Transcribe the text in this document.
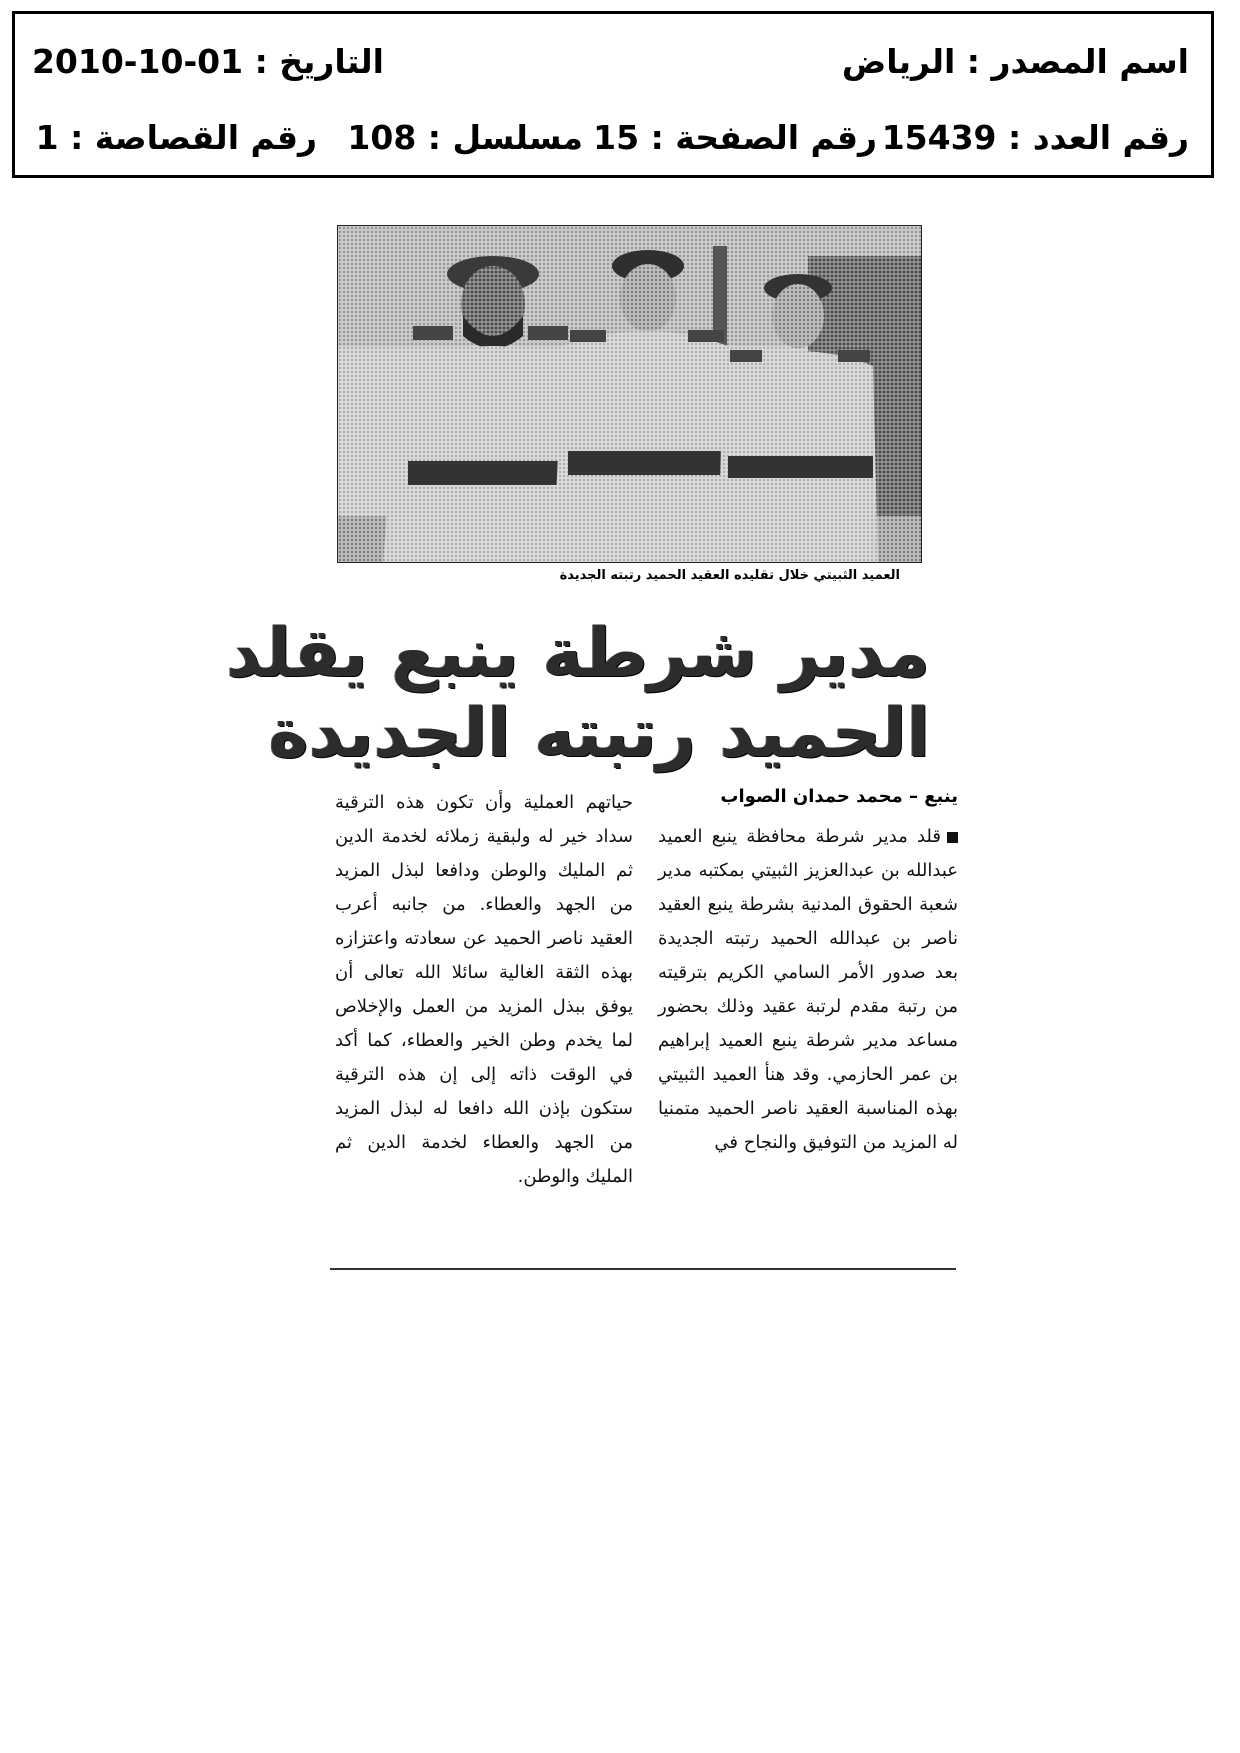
اسم المصدر : الرياض
التاريخ : 01-10-2010
رقم العدد : 15439
رقم الصفحة : 15
مسلسل : 108
رقم القصاصة : 1
العميد الثبيتي خلال تقليده العقيد الحميد رتبته الجديدة
مدير شرطة ينبع يقلد
الحميد رتبته الجديدة
ينبع – محمد حمدان الصواب
قلد مدير شرطة محافظة ينبع العميد عبدالله بن عبدالعزيز الثبيتي بمكتبه مدير شعبة الحقوق المدنية بشرطة ينبع العقيد ناصر بن عبدالله الحميد رتبته الجديدة بعد صدور الأمر السامي الكريم بترقيته من رتبة مقدم لرتبة عقيد وذلك بحضور مساعد مدير شرطة ينبع العميد إبراهيم بن عمر الحازمي. وقد هنأ العميد الثبيتي بهذه المناسبة العقيد ناصر الحميد متمنيا له المزيد من التوفيق والنجاح في
حياتهم العملية وأن تكون هذه الترقية سداد خير له ولبقية زملائه لخدمة الدين ثم المليك والوطن ودافعا لبذل المزيد من الجهد والعطاء. من جانبه أعرب العقيد ناصر الحميد عن سعادته واعتزازه بهذه الثقة الغالية سائلا الله تعالى أن يوفق ببذل المزيد من العمل والإخلاص لما يخدم وطن الخير والعطاء، كما أكد في الوقت ذاته إلى إن هذه الترقية ستكون بإذن الله دافعا له لبذل المزيد من الجهد والعطاء لخدمة الدين ثم المليك والوطن.
